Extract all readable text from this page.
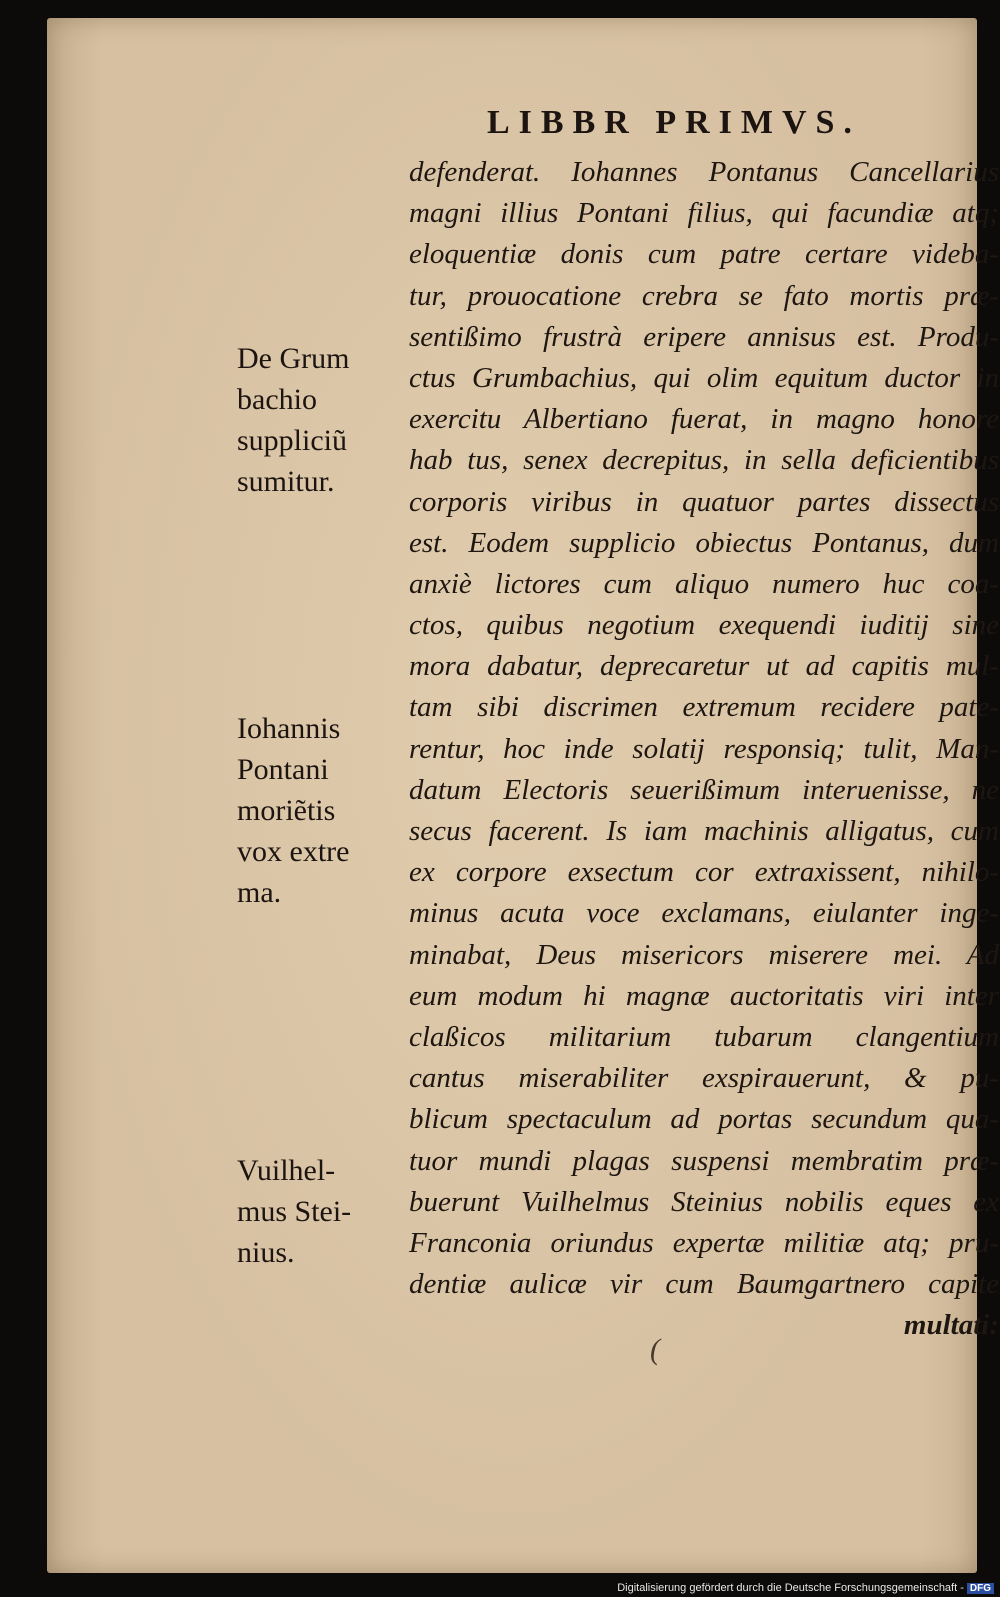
LIBBR PRIMVS.
defenderat. Iohannes Pontanus Cancellarius
magni illius Pontani filius, qui facundiæ atq;
eloquentiæ donis cum patre certare videba-
tur, prouocatione crebra se fato mortis præ-
sentißimo frustrà eripere annisus est. Produ-
ctus Grumbachius, qui olim equitum ductor in
exercitu Albertiano fuerat, in magno honore
hab tus, senex decrepitus, in sella deficientibus
corporis viribus in quatuor partes dissectus
est. Eodem supplicio obiectus Pontanus, dum
anxiè lictores cum aliquo numero huc coa-
ctos, quibus negotium exequendi iuditij sine
mora dabatur, deprecaretur ut ad capitis mul-
tam sibi discrimen extremum recidere pate-
rentur, hoc inde solatij responsiq; tulit, Man-
datum Electoris seuerißimum interuenisse, ne
secus facerent. Is iam machinis alligatus, cum
ex corpore exsectum cor extraxissent, nihilo-
minus acuta voce exclamans, eiulanter inge-
minabat, Deus misericors miserere mei. Ad
eum modum hi magnæ auctoritatis viri inter
claßicos militarium tubarum clangentium
cantus miserabiliter exspirauerunt, & pu-
blicum spectaculum ad portas secundum qua-
tuor mundi plagas suspensi membratim præ-
buerunt Vuilhelmus Steinius nobilis eques ex
Franconia oriundus expertæ militiæ atq; pru-
dentiæ aulicæ vir cum Baumgartnero capite
multati:
De Grum
bachio
suppliciũ
sumitur.
Iohannis
Pontani
moriẽtis
vox extre
ma.
Vuilhel-
mus Stei-
nius.
(
Digitalisierung gefördert durch die Deutsche Forschungsgemeinschaft - DFG
